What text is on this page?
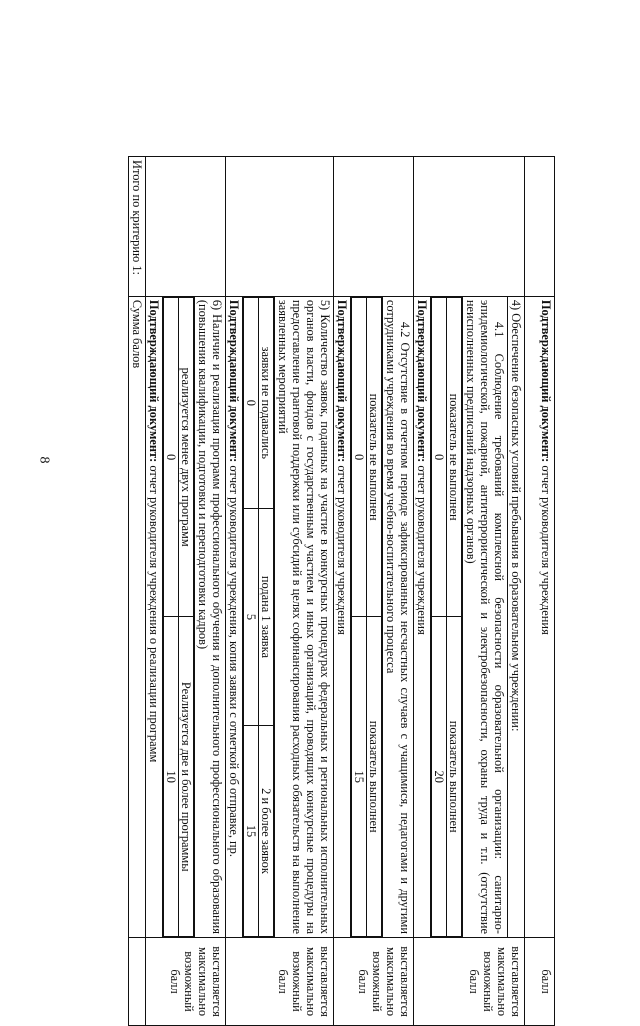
8
		Подтверждающий документ: отчет руководителя учреждения	балл
	4) Обеспечение безопасных условий пребывания в образовательном учреждении:	выставляется максимально возможный балл
4.1 Соблюдение требований комплексной безопасности образовательной организации: санитарно-эпидемиологической, пожарной, антитеррористической и электробезопасности, охраны труда и т.п. (отсутствие неисполненных предписаний надзорных органов)

показатель не выполнен	показатель выполнен
0	20

Подтверждающий документ: отчет руководителя учреждения
	4.2 Отсутствие в отчетном периоде зафиксированных несчастных случаев с учащимися, педагогами и другими сотрудниками учреждения во время учебно-воспитательного процесса	выставляется максимально возможный балл

показатель не выполнен	показатель выполнен
0	15

Подтверждающий документ: отчет руководителя учреждения
	5) Количество заявок, поданных на участие в конкурсных процедурах федеральных и региональных исполнительных органов власти, фондов с государственным участием и иных организаций, проводящих конкурсные процедуры на предоставление грантовой поддержки или субсидий в целях софинансирования расходных обязательств на выполнение заявленных мероприятий	выставляется максимально возможный балл

заявки не подавались	подана 1 заявка	2 и более заявок
0	5	15

Подтверждающий документ: отчет руководителя учреждения, копия заявки с отметкой об отправке, пр.
	6) Наличие и реализация программ профессионального обучения и дополнительного профессионального образования (повышения квалификации, подготовки и переподготовки кадров)	выставляется максимально возможный балл

реализуется менее двух программ	Реализуется две и более программы
0	10

Подтверждающий документ: отчет руководителя учреждения о реализации программ
Итого по критерию 1:	Сумма балов	
